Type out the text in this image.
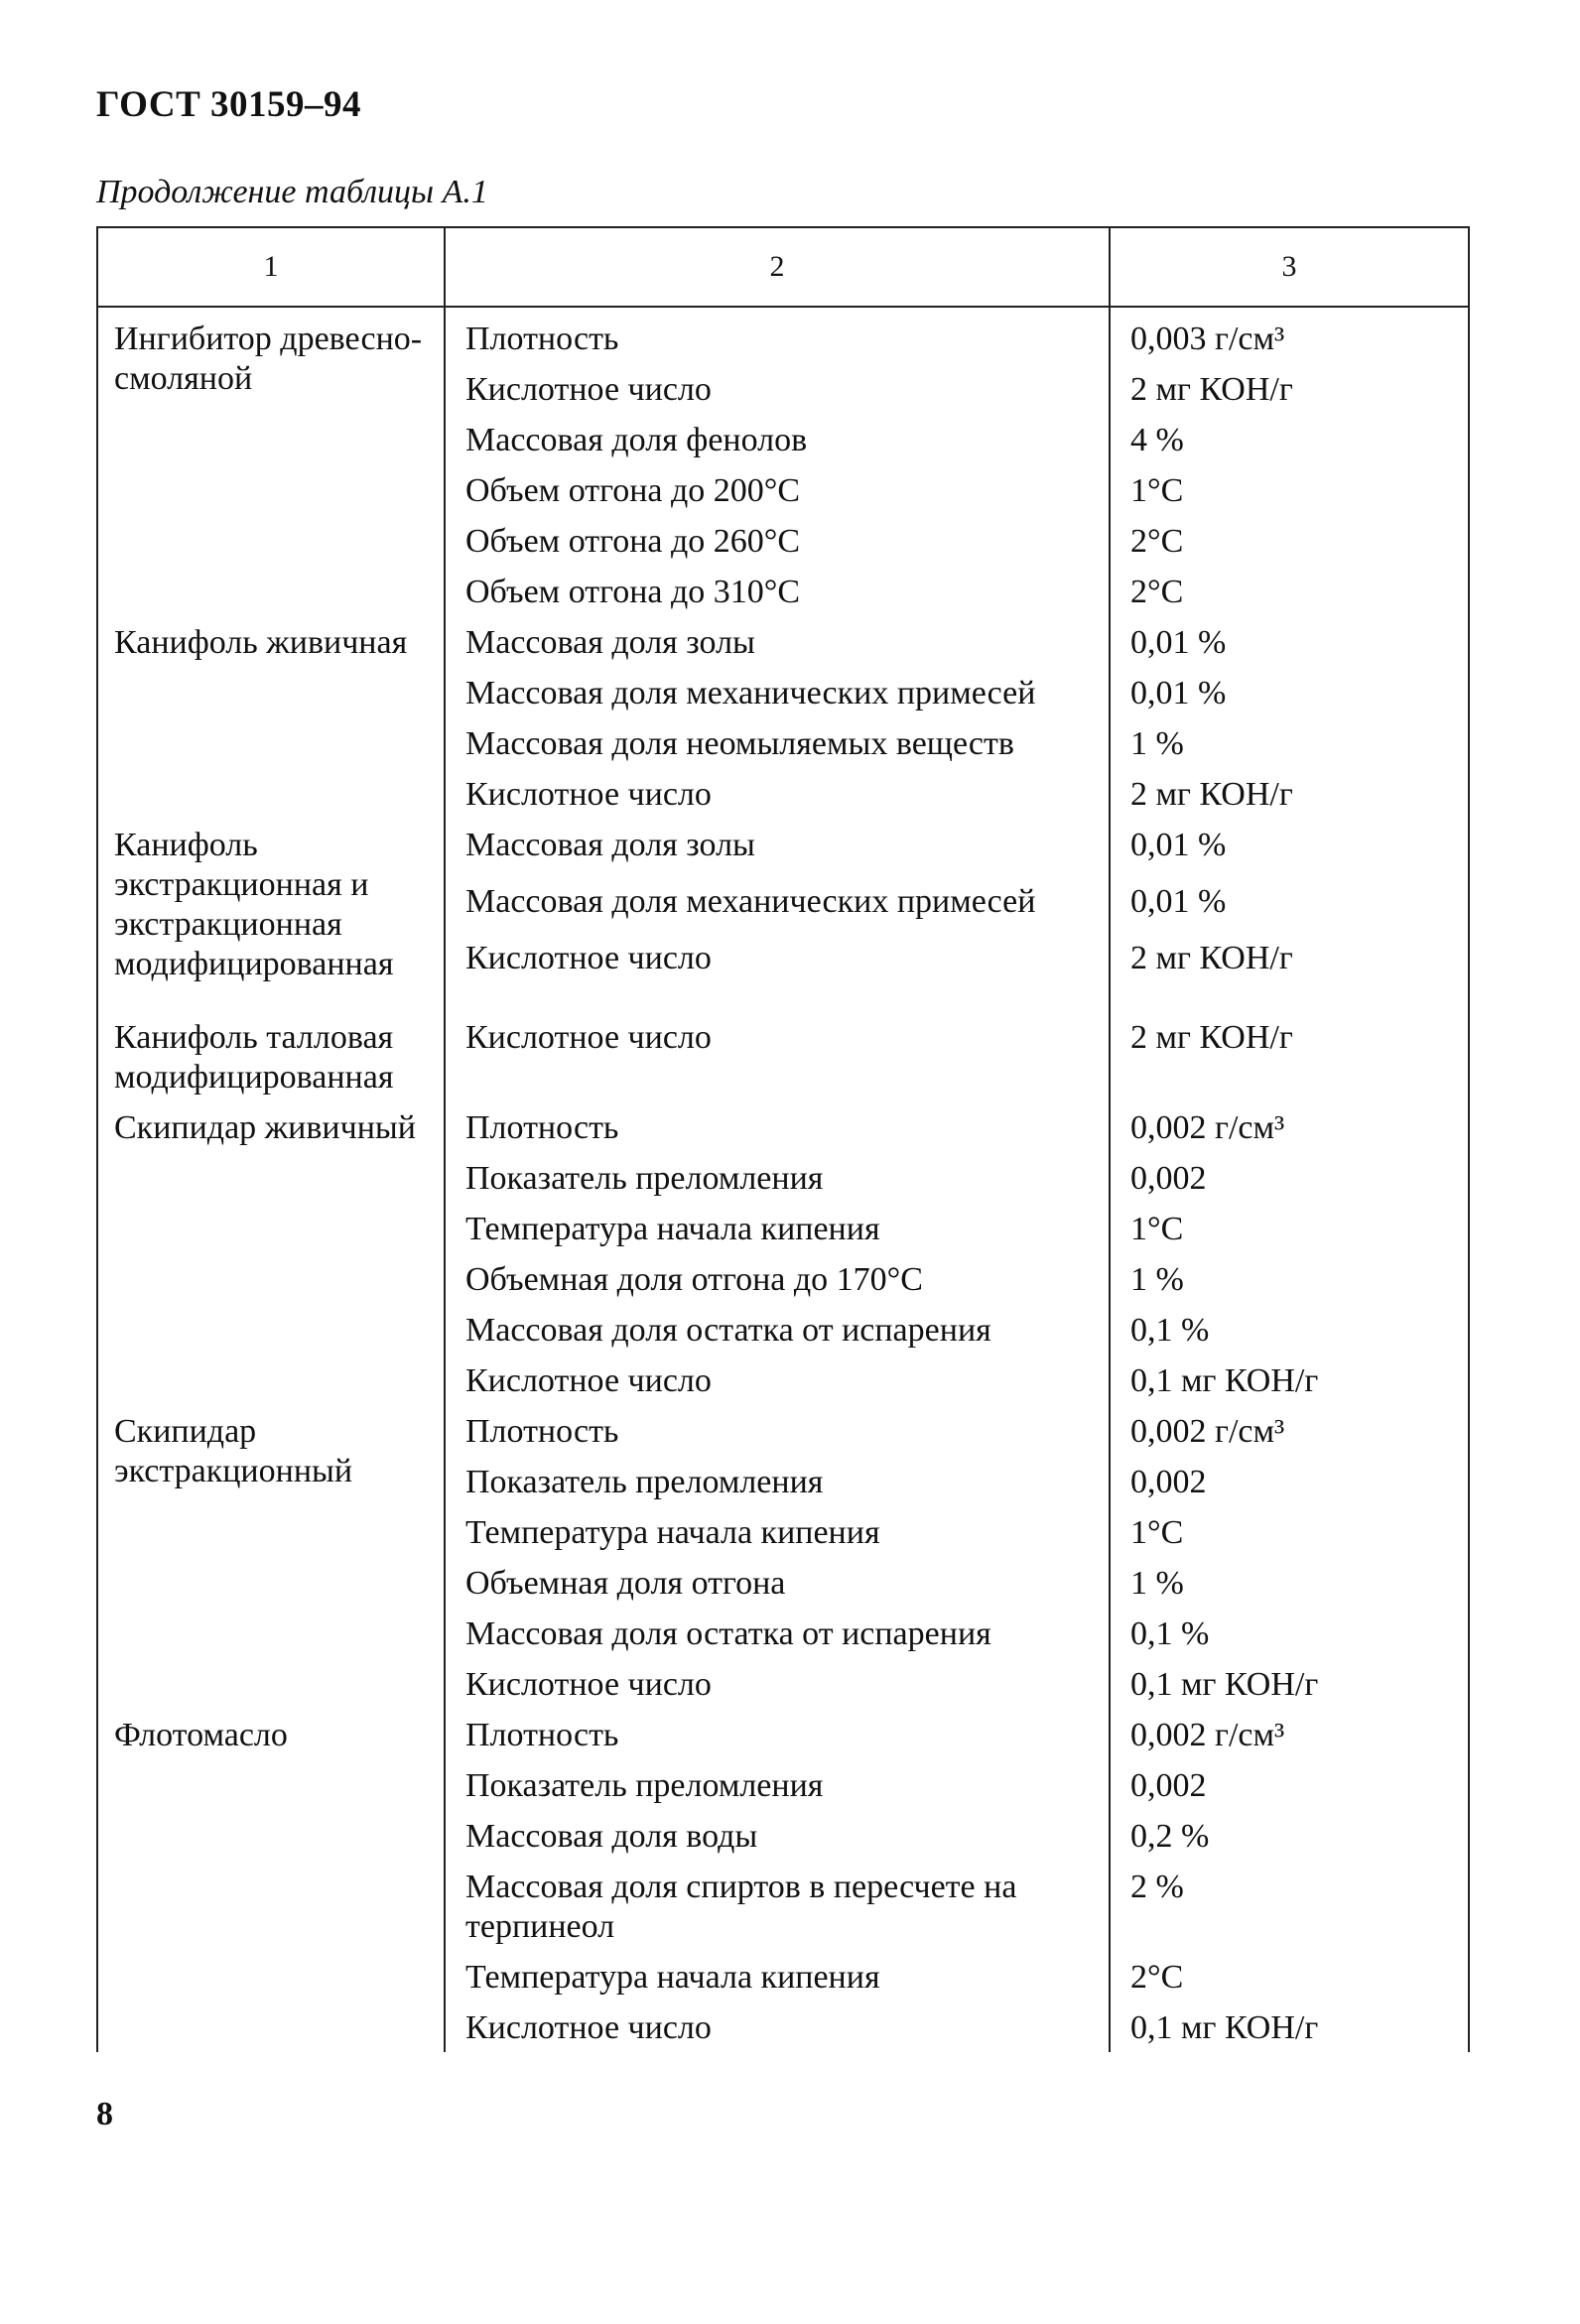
ГОСТ 30159–94
Продолжение таблицы А.1
1	2	3
Ингибитор древесно-смоляной	Плотность	0,003 г/см³
	Кислотное число	2 мг КОН/г
	Массовая доля фенолов	4 %
	Объем отгона до 200°С	1°С
	Объем отгона до 260°С	2°С
	Объем отгона до 310°С	2°С
Канифоль живичная	Массовая доля золы	0,01 %
	Массовая доля механических примесей	0,01 %
	Массовая доля неомыляемых веществ	1 %
	Кислотное число	2 мг КОН/г
Канифоль экстракционная и экстракционная модифицированная	Массовая доля золы	0,01 %
	Массовая доля механических примесей	0,01 %
	Кислотное число	2 мг КОН/г
Канифоль талловая модифицированная	Кислотное число	2 мг КОН/г
Скипидар живичный	Плотность	0,002 г/см³
	Показатель преломления	0,002
	Температура начала кипения	1°С
	Объемная доля отгона до 170°С	1 %
	Массовая доля остатка от испарения	0,1 %
	Кислотное число	0,1 мг КОН/г
Скипидар экстракционный	Плотность	0,002 г/см³
	Показатель преломления	0,002
	Температура начала кипения	1°С
	Объемная доля отгона	1 %
	Массовая доля остатка от испарения	0,1 %
	Кислотное число	0,1 мг КОН/г
Флотомасло	Плотность	0,002 г/см³
	Показатель преломления	0,002
	Массовая доля воды	0,2 %
	Массовая доля спиртов в пересчете на терпинеол	2 %
	Температура начала кипения	2°С
	Кислотное число	0,1 мг КОН/г
8
